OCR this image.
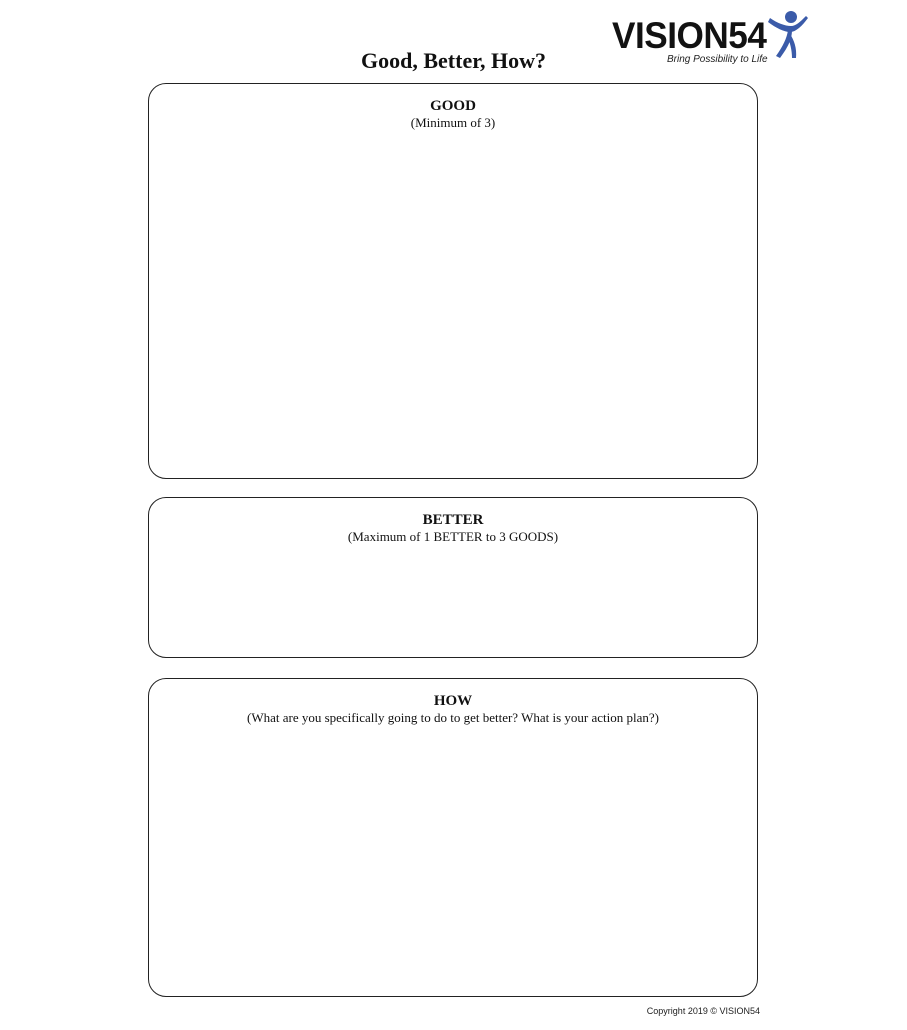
VISION54
Bring Possibility to Life
Good, Better, How?
GOOD
(Minimum of 3)
BETTER
(Maximum of 1 BETTER to 3 GOODS)
HOW
(What are you specifically going to do to get better? What is your action plan?)
Copyright 2019 © VISION54
